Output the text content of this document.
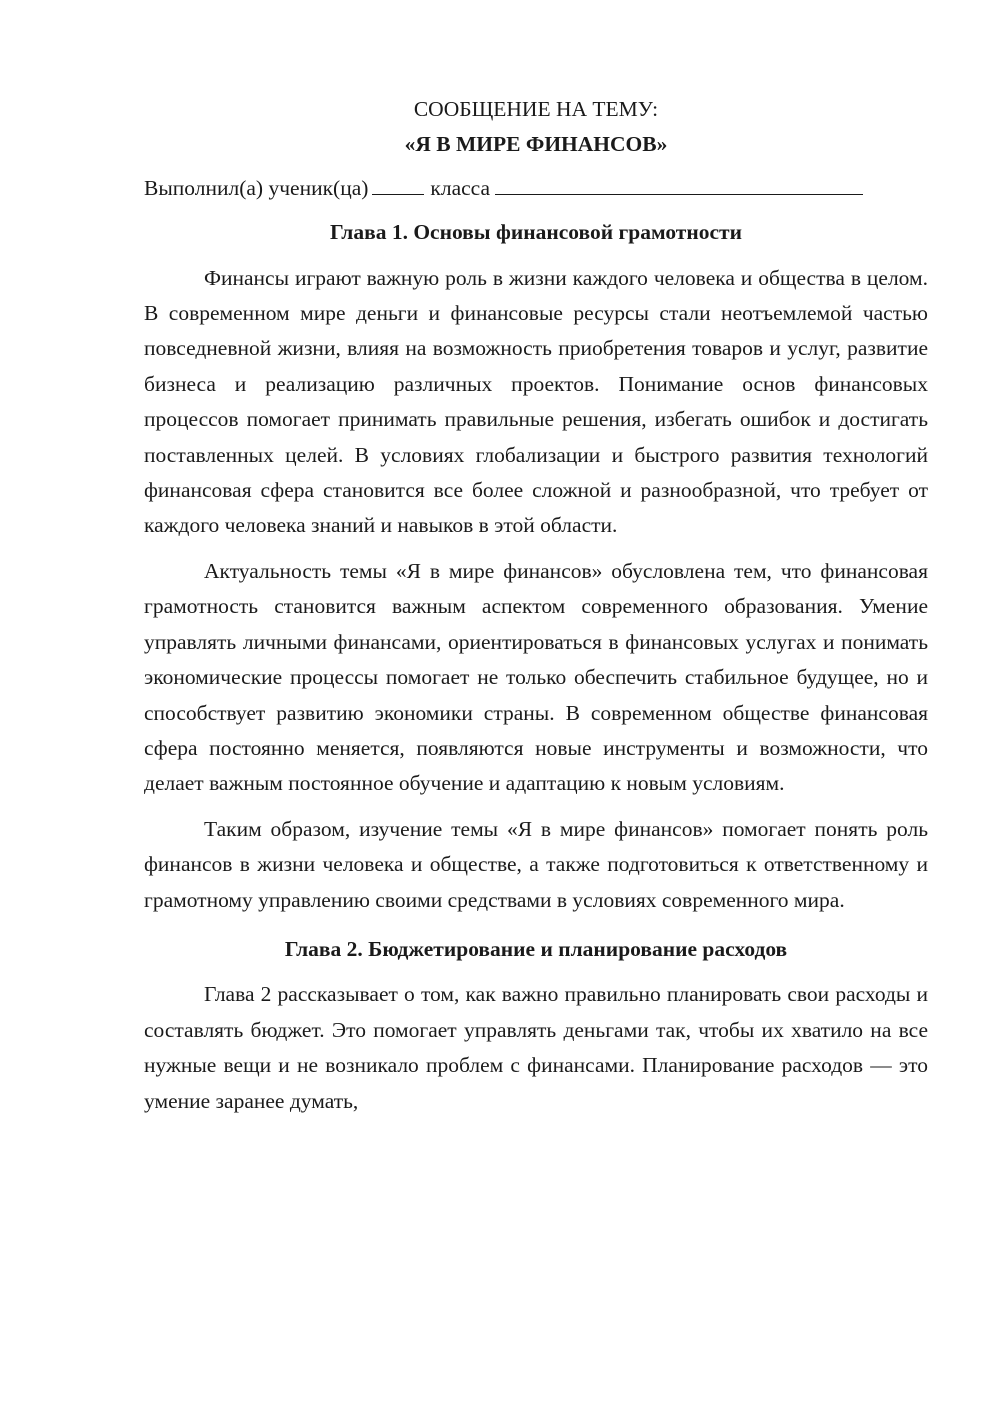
СООБЩЕНИЕ НА ТЕМУ:

«Я В МИРЕ ФИНАНСОВ»

Выполнил(а) ученик(ца)	класса

Глава 1. Основы финансовой грамотности

Финансы играют важную роль в жизни каждого человека и общества в целом. В современном мире деньги и финансовые ресурсы стали неотъемлемой частью повседневной жизни, влияя на возможность приобретения товаров и услуг, развитие бизнеса и реализацию различных проектов. Понимание основ финансовых процессов помогает принимать правильные решения, избегать ошибок и достигать поставленных целей. В условиях глобализации и быстрого развития технологий финансовая сфера становится все более сложной и разнообразной, что требует от каждого человека знаний и навыков в этой области.

Актуальность темы «Я в мире финансов» обусловлена тем, что финансовая грамотность становится важным аспектом современного образования. Умение управлять личными финансами, ориентироваться в финансовых услугах и понимать экономические процессы помогает не только обеспечить стабильное будущее, но и способствует развитию экономики страны. В современном обществе финансовая сфера постоянно меняется, появляются новые инструменты и возможности, что делает важным постоянное обучение и адаптацию к новым условиям.

Таким образом, изучение темы «Я в мире финансов» помогает понять роль финансов в жизни человека и обществе, а также подготовиться к ответственному и грамотному управлению своими средствами в условиях современного мира.

Глава 2. Бюджетирование и планирование расходов

Глава 2 рассказывает о том, как важно правильно планировать свои расходы и составлять бюджет. Это помогает управлять деньгами так, чтобы их хватило на все нужные вещи и не возникало проблем с финансами. Планирование расходов — это умение заранее думать,
